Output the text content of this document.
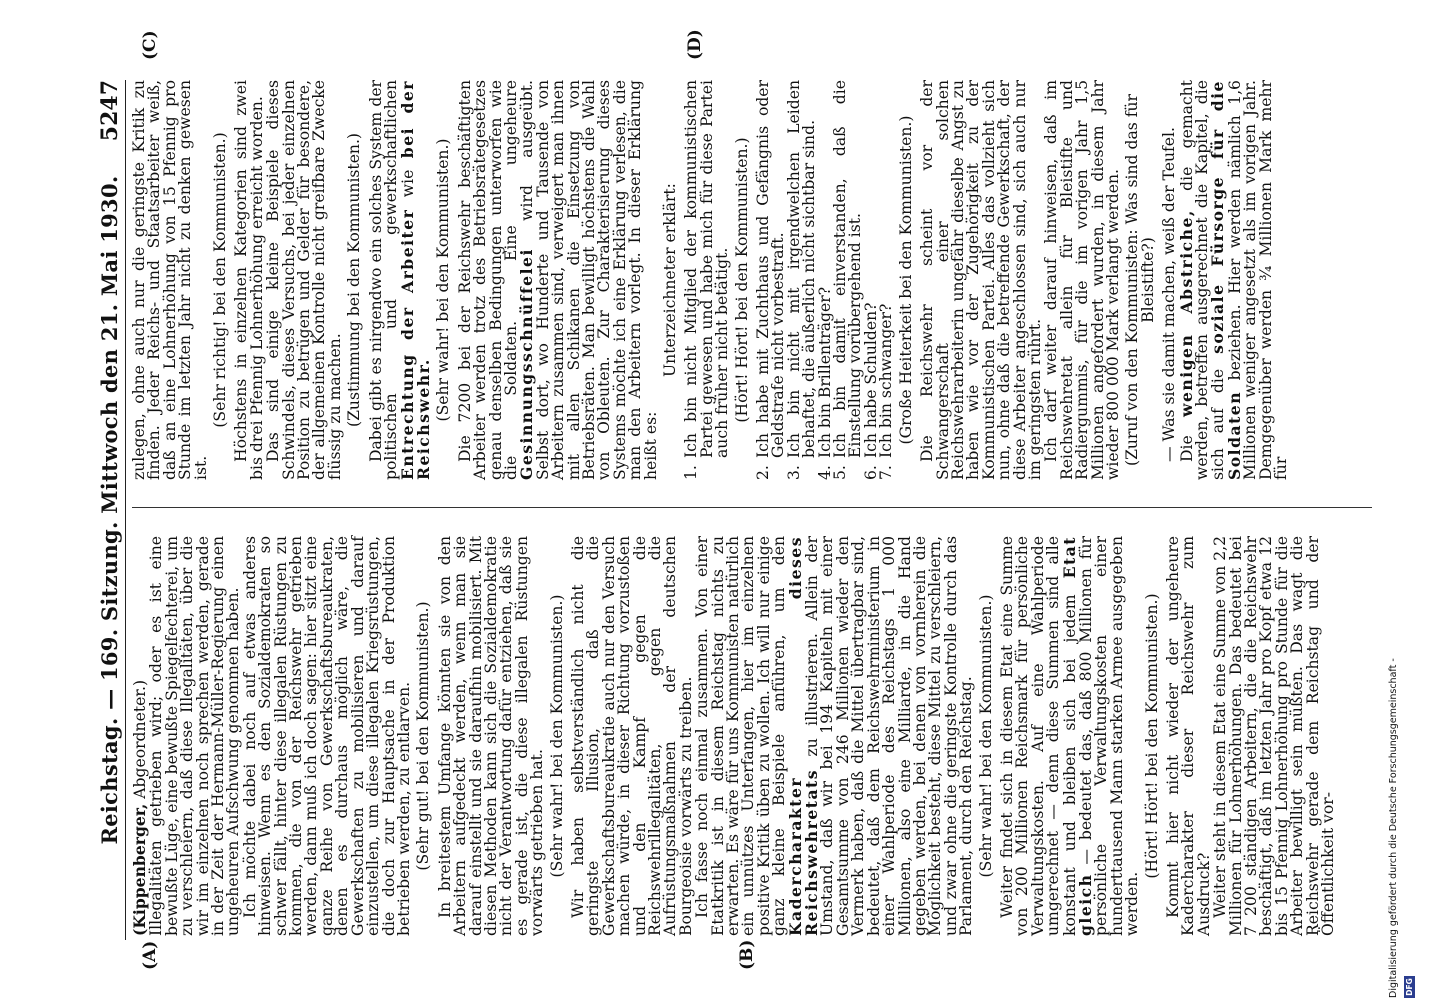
Reichstag. — 169. Sitzung. Mittwoch den 21. Mai 1930.
5247
(A)	(B)
(C)	(D)

(Kippenberger, Abgeordneter.)

Illegalitäten getrieben wird; oder es ist eine bewußte Lüge, eine bewußte Spiegelfechterei, um zu verschleiern, daß diese Illegalitäten, über die wir im einzelnen noch sprechen werden, gerade in der Zeit der Hermann-Müller-Regierung einen ungeheuren Aufschwung genommen haben.

Ich möchte dabei noch auf etwas anderes hinweisen. Wenn es den Sozialdemokraten so schwer fällt, hinter diese illegalen Rüstungen zu kommen, die von der Reichswehr getrieben werden, dann muß ich doch sagen: hier sitzt eine ganze Reihe von Gewerkschaftsbureaukraten, denen es durchaus möglich wäre, die Gewerkschaften zu mobilisieren und darauf einzustellen, um diese illegalen Kriegsrüstungen, die doch zur Hauptsache in der Produktion betrieben werden, zu entlarven. (Sehr gut! bei den Kommunisten.) In breitestem Umfange könnten sie von den Arbeitern aufgedeckt werden, wenn man sie darauf einstellt und sie daraufhin mobilisiert. Mit diesen Methoden kann sich die Sozialdemokratie nicht der Verantwortung dafür entziehen, daß sie es gerade ist, die diese illegalen Rüstungen vorwärts getrieben hat. (Sehr wahr! bei den Kommunisten.) Wir haben selbstverständlich nicht die geringste Illusion, daß die Gewerkschaftsbureaukratie auch nur den Versuch machen würde, in dieser Richtung vorzustoßen und den Kampf gegen die Reichswehrillegalitäten, gegen die Aufrüstungsmaßnahmen der deutschen Bourgeoisie vorwärts zu treiben.

Ich fasse noch einmal zusammen. Von einer Etatkritik ist in diesem Reichstag nichts zu erwarten. Es wäre für uns Kommunisten natürlich ein unnützes Unterfangen, hier im einzelnen positive Kritik üben zu wollen. Ich will nur einige ganz kleine Beispiele anführen, um den Kadercharakter dieses Reichswehretats zu illustrieren. Allein der Umstand, daß wir bei 194 Kapiteln mit einer Gesamtsumme von 246 Millionen wieder den Vermerk haben, daß die Mittel übertragbar sind, bedeutet, daß dem Reichswehrministerium in einer Wahlperiode des Reichstags 1 000 Millionen, also eine Milliarde, in die Hand gegeben werden, bei denen von vornherein die Möglichkeit besteht, diese Mittel zu verschleiern, und zwar ohne die geringste Kontrolle durch das Parlament, durch den Reichstag. (Sehr wahr! bei den Kommunisten.) Weiter findet sich in diesem Etat eine Summe von 200 Millionen Reichsmark für persönliche Verwaltungskosten. Auf eine Wahlperiode umgerechnet — denn diese Summen sind alle konstant und bleiben sich bei jedem Etat gleich — bedeutet das, daß 800 Millionen für persönliche Verwaltungskosten einer hunderttausend Mann starken Armee ausgegeben werden.

(Hört! Hört! bei den Kommunisten.) Kommt hier nicht wieder der ungeheure Kadercharakter dieser Reichswehr zum Ausdruck?

Weiter steht in diesem Etat eine Summe von 2,2 Millionen für Lohnerhöhungen. Das bedeutet bei 7 200 ständigen Arbeitern, die die Reichswehr beschäftigt, daß im letzten Jahr pro Kopf etwa 12 bis 15 Pfennig Lohnerhöhung pro Stunde für die Arbeiter bewilligt sein müßten. Das wagt die Reichswehr gerade dem Reichstag und der Öffentlichkeit vor-

zulegen, ohne auch nur die geringste Kritik zu finden. Jeder Reichs- und Staatsarbeiter weiß, daß an eine Lohnerhöhung von 15 Pfennig pro Stunde im letzten Jahr nicht zu denken gewesen ist.

(Sehr richtig! bei den Kommunisten.) Höchstens in einzelnen Kategorien sind zwei bis drei Pfennig Lohnerhöhung erreicht worden.

Das sind einige kleine Beispiele dieses Schwindels, dieses Versuchs, bei jeder einzelnen Position zu betrügen und Gelder für besondere, der allgemeinen Kontrolle nicht greifbare Zwecke flüssig zu machen. (Zustimmung bei den Kommunisten.) Dabei gibt es nirgendwo ein solches System der politischen und gewerkschaftlichen Entrechtung der Arbeiter wie bei der Reichswehr. (Sehr wahr! bei den Kommunisten.) Die 7200 bei der Reichswehr beschäftigten Arbeiter werden trotz des Betriebsrätegesetzes genau denselben Bedingungen unterworfen wie die Soldaten. Eine ungeheure Gesinnungsschnüffelei wird ausgeübt. Selbst dort, wo Hunderte und Tausende von Arbeitern zusammen sind, verweigert man ihnen mit allen Schikanen die Einsetzung von Betriebsräten. Man bewilligt höchstens die Wahl von Obleuten. Zur Charakterisierung dieses Systems möchte ich eine Erklärung verlesen, die man den Arbeitern vorlegt. In dieser Erklärung heißt es:

Unterzeichneter erklärt:

1.
Ich bin nicht Mitglied der kommunistischen Partei gewesen und habe mich für diese Partei auch früher nicht betätigt. (Hört! Hört! bei den Kommunisten.)

2.
Ich habe mit Zuchthaus und Gefängnis oder Geldstrafe nicht vorbestraft.

3.
Ich bin nicht mit irgendwelchen Leiden behaftet, die äußerlich nicht sichtbar sind.

4.
Ich bin Brillenträger?

5.
Ich bin damit einverstanden, daß die Einstellung vorübergehend ist.

6.
Ich habe Schulden?

7.
Ich bin schwanger? (Große Heiterkeit bei den Kommunisten.) Die Reichswehr scheint vor der Schwangerschaft einer solchen Reichswehrarbeiterin ungefähr dieselbe Angst zu haben wie vor der Zugehörigkeit zu der Kommunistischen Partei. Alles das vollzieht sich nun, ohne daß die betreffende Gewerkschaft, der diese Arbeiter angeschlossen sind, sich auch nur im geringsten rührt.

Ich darf weiter darauf hinweisen, daß im Reichswehretat allein für Bleistifte und Radiergummis, für die im vorigen Jahr 1,5 Millionen angefordert wurden, in diesem Jahr wieder 800 000 Mark verlangt werden. (Zuruf von den Kommunisten: Was sind das für Bleistifte?) — Was sie damit machen, weiß der Teufel. Die wenigen Abstriche, die gemacht werden, betreffen ausgerechnet die Kapitel, die sich auf die soziale Fürsorge für die Soldaten beziehen. Hier werden nämlich 1,6 Millionen weniger angesetzt als im vorigen Jahr. Demgegenüber werden ³⁄₄ Millionen Mark mehr für

Digitalisierung gefördert durch die Deutsche Forschungsgemeinschaft - DFG
